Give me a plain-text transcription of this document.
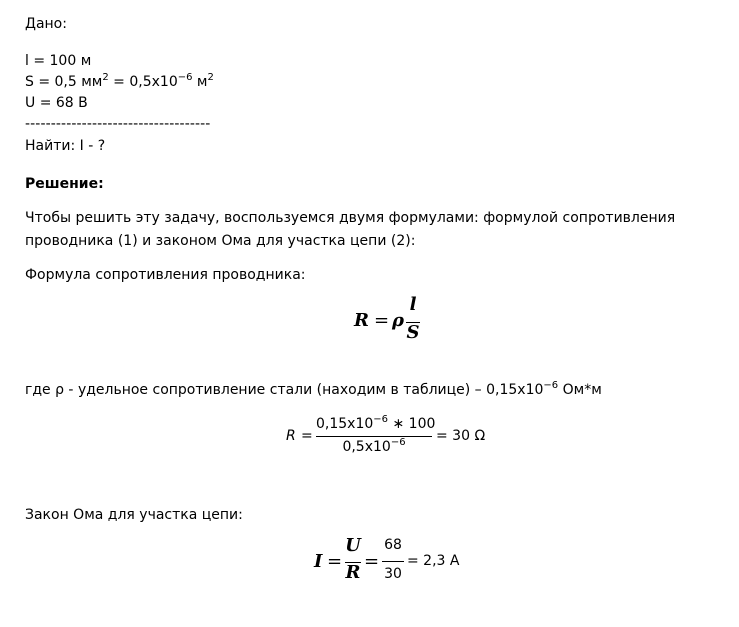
Дано:
l = 100 м
S = 0,5 $мм^2 = 0,5x10^{-6}$ $м^2$
U = 68 В
------------------------------------
Найти: I - ?
Решение:
Чтобы решить эту задачу, воспользуемся двумя формулами: формулой сопротивления
проводника (1) и законом Ома для участка цепи (2):
Формула сопротивления проводника:
R = ρ
l
S
где ρ - удельное сопротивление стали (находим в таблице) – $0,15x10^{-6}$ Ом*м
R =
$0,15x10^{-6}$ ∗ 100
$0,5x10^{-6}$	= 30 Ω
Закон Ома для участка цепи:
I =
U
R
=
68
30
= 2,3 А
